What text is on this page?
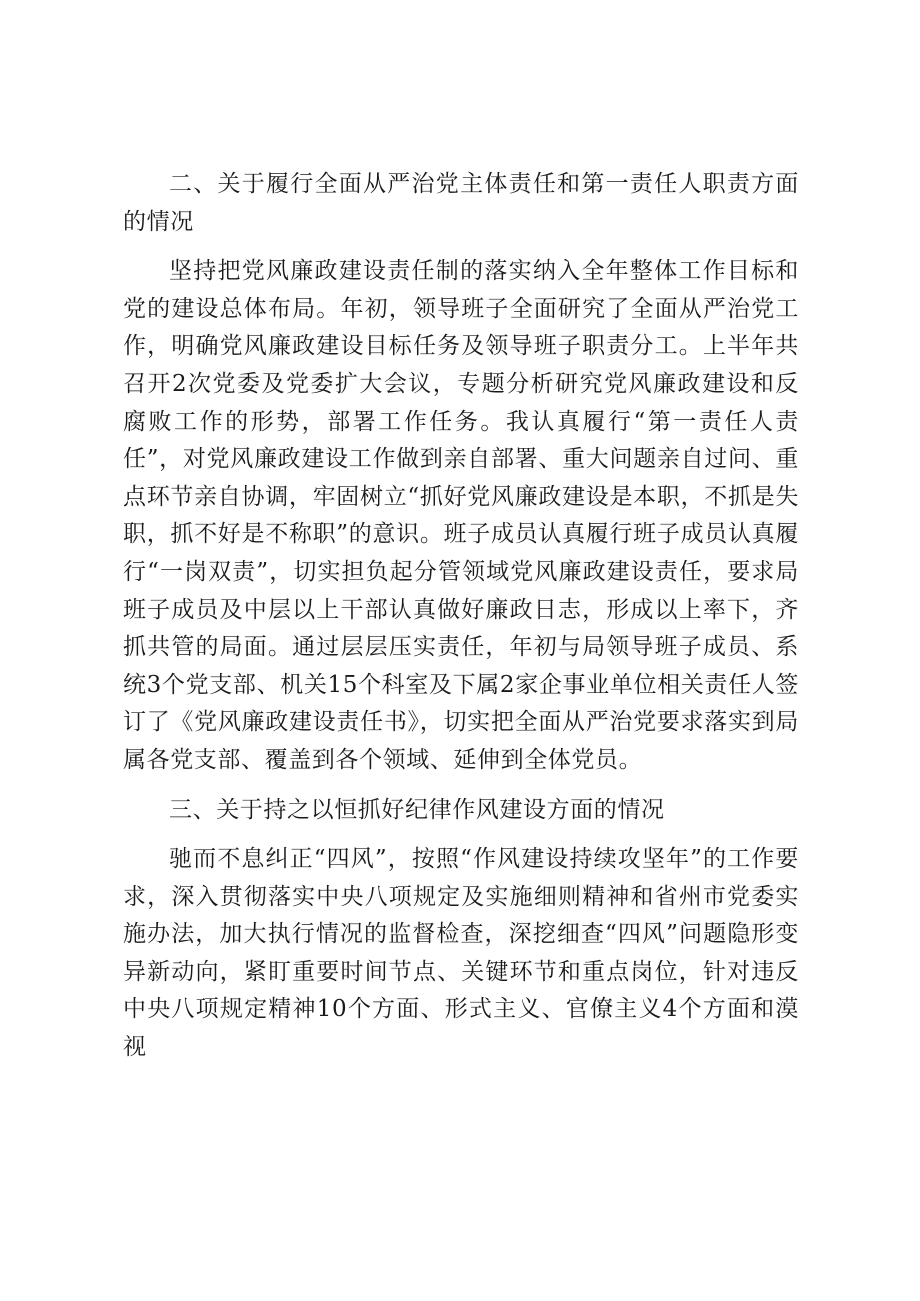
二、关于履行全面从严治党主体责任和第一责任人职责方面的情况

坚持把党风廉政建设责任制的落实纳入全年整体工作目标和党的建设总体布局。年初，领导班子全面研究了全面从严治党工作，明确党风廉政建设目标任务及领导班子职责分工。上半年共召开2次党委及党委扩大会议，专题分析研究党风廉政建设和反腐败工作的形势，部署工作任务。我认真履行“第一责任人责任”，对党风廉政建设工作做到亲自部署、重大问题亲自过问、重点环节亲自协调，牢固树立“抓好党风廉政建设是本职，不抓是失职，抓不好是不称职”的意识。班子成员认真履行班子成员认真履行“一岗双责”，切实担负起分管领域党风廉政建设责任，要求局班子成员及中层以上干部认真做好廉政日志，形成以上率下，齐抓共管的局面。通过层层压实责任，年初与局领导班子成员、系统3个党支部、机关15个科室及下属2家企事业单位相关责任人签订了《党风廉政建设责任书》，切实把全面从严治党要求落实到局属各党支部、覆盖到各个领域、延伸到全体党员。

三、关于持之以恒抓好纪律作风建设方面的情况

驰而不息纠正“四风”，按照“作风建设持续攻坚年”的工作要求，深入贯彻落实中央八项规定及实施细则精神和省州市党委实施办法，加大执行情况的监督检查，深挖细查“四风”问题隐形变异新动向，紧盯重要时间节点、关键环节和重点岗位，针对违反中央八项规定精神10个方面、形式主义、官僚主义4个方面和漠视
